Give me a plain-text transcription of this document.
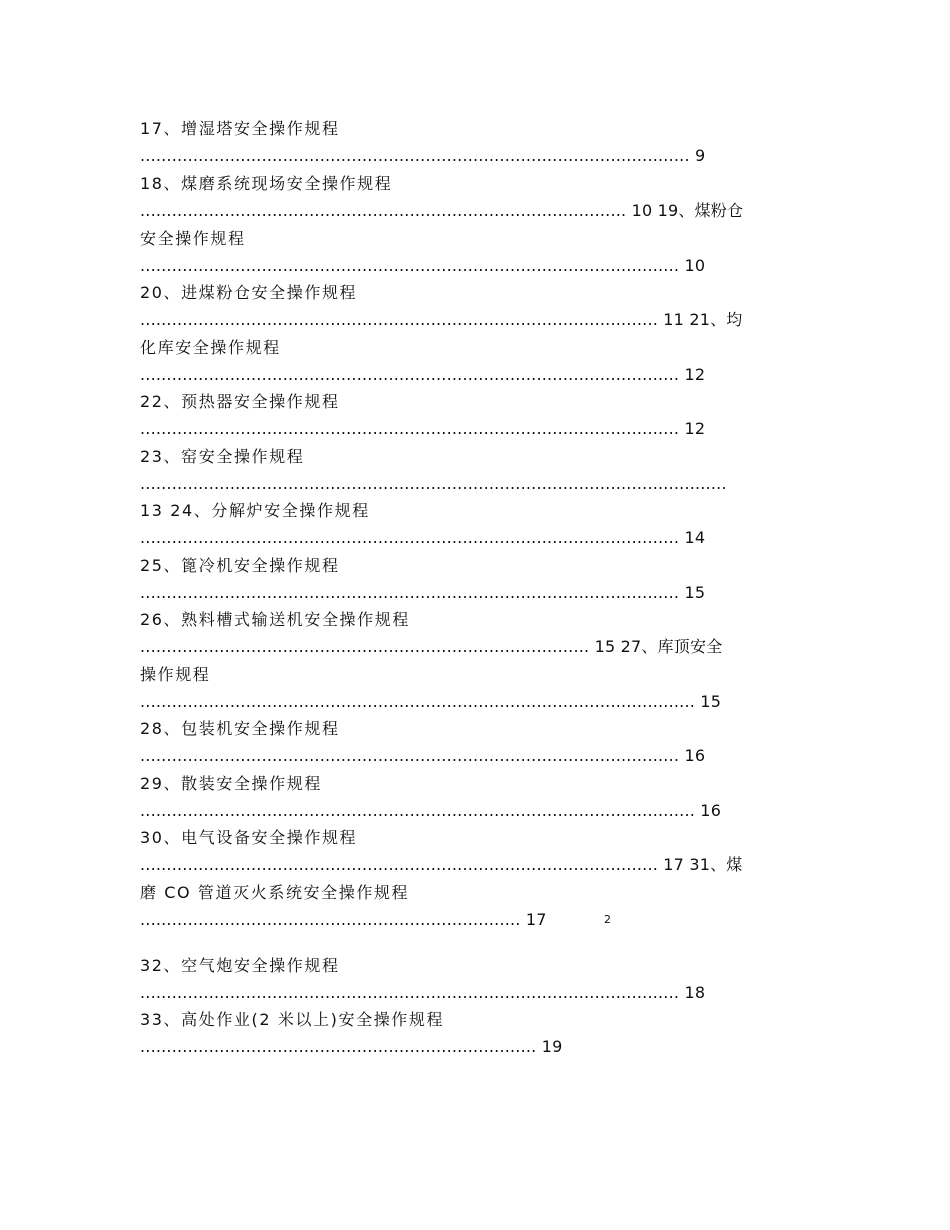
17、增湿塔安全操作规程
........................................................................................................ 9
18、煤磨系统现场安全操作规程
............................................................................................ 10 19、煤粉仓
安全操作规程
...................................................................................................... 10
20、进煤粉仓安全操作规程
.................................................................................................. 11 21、均
化库安全操作规程
...................................................................................................... 12
22、预热器安全操作规程
...................................................................................................... 12
23、窑安全操作规程
...............................................................................................................
13 24、分解炉安全操作规程
...................................................................................................... 14
25、篦冷机安全操作规程
...................................................................................................... 15
26、熟料槽式输送机安全操作规程
..................................................................................... 15 27、库顶安全
操作规程
......................................................................................................... 15
28、包装机安全操作规程
...................................................................................................... 16
29、散装安全操作规程
......................................................................................................... 16
30、电气设备安全操作规程
.................................................................................................. 17 31、煤
磨 CO 管道灭火系统安全操作规程
........................................................................ 17	2
32、空气炮安全操作规程
...................................................................................................... 18
33、高处作业(2 米以上)安全操作规程
........................................................................... 19
